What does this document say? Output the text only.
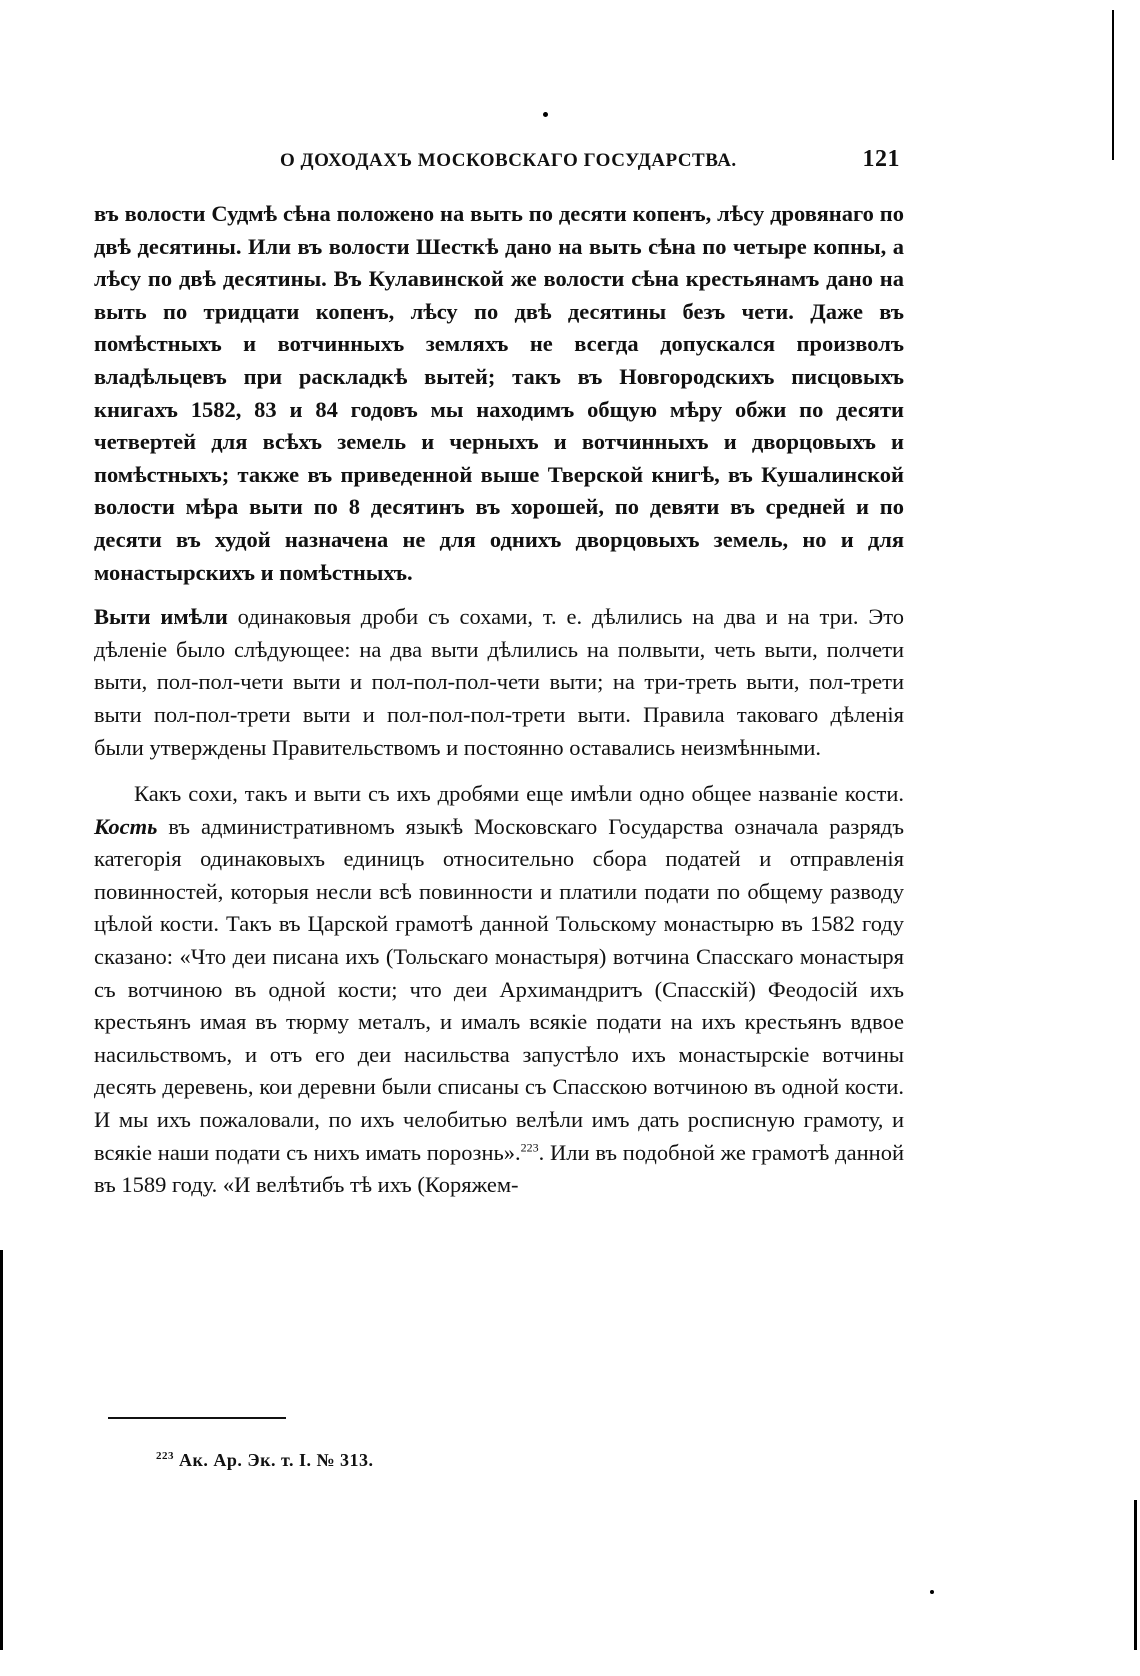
О ДОХОДАХЪ МОСКОВСКАГО ГОСУДАРСТВА.	121

въ волости Судмѣ сѣна положено на выть по десяти копенъ, лѣсу дровянаго по двѣ десятины. Или въ волости Шесткѣ дано на выть сѣна по четыре копны, а лѣсу по двѣ десятины. Въ Кулавинской же волости сѣна крестьянамъ дано на выть по тридцати копенъ, лѣсу по двѣ десятины безъ чети. Даже въ помѣстныхъ и вотчинныхъ земляхъ не всегда допускался произволъ владѣльцевъ при раскладкѣ вытей; такъ въ Новгородскихъ писцовыхъ книгахъ 1582, 83 и 84 годовъ мы находимъ общую мѣру обжи по десяти четвертей для всѣхъ земель и черныхъ и вотчинныхъ и дворцовыхъ и помѣстныхъ; также въ приведенной выше Тверской книгѣ, въ Кушалинской волости мѣра выти по 8 десятинъ въ хорошей, по девяти въ средней и по десяти въ худой назначена не для однихъ дворцовыхъ земель, но и для монастырскихъ и помѣстныхъ.

Выти имѣли одинаковыя дроби съ сохами, т. е. дѣлились на два и на три. Это дѣленіе было слѣдующее: на два выти дѣлились на полвыти, четь выти, полчети выти, пол-пол-чети выти и пол-пол-пол-чети выти; на три-треть выти, пол-трети выти пол-пол-трети выти и пол-пол-пол-трети выти. Правила таковаго дѣленія были утверждены Правительствомъ и постоянно оставались неизмѣнными.

Какъ сохи, такъ и выти съ ихъ дробями еще имѣли одно общее названіе кости. Кость въ административномъ языкѣ Московскаго Государства означала разрядъ категорія одинаковыхъ единицъ относительно сбора податей и отправленія повинностей, которыя несли всѣ повинности и платили подати по общему разводу цѣлой кости. Такъ въ Царской грамотѣ данной Тольскому монастырю въ 1582 году сказано: «Что деи писана ихъ (Тольскаго монастыря) вотчина Спасскаго монастыря съ вотчиною въ одной кости; что деи Архимандритъ (Спасскій) Феодосій ихъ крестьянъ имая въ тюрму металъ, и ималъ всякіе подати на ихъ крестьянъ вдвое насильствомъ, и отъ его деи насильства запустѣло ихъ монастырскіе вотчины десять деревень, кои деревни были списаны съ Спасскою вотчиною въ одной кости. И мы ихъ пожаловали, по ихъ челобитью велѣли имъ дать росписную грамоту, и всякіе наши подати съ нихъ имать порознь».$^{223}$. Или въ подобной же грамотѣ данной въ 1589 году. «И велѣтибъ тѣ ихъ (Коряжем-

$^{223}$ Ак. Ар. Эк. т. I. № 313.
